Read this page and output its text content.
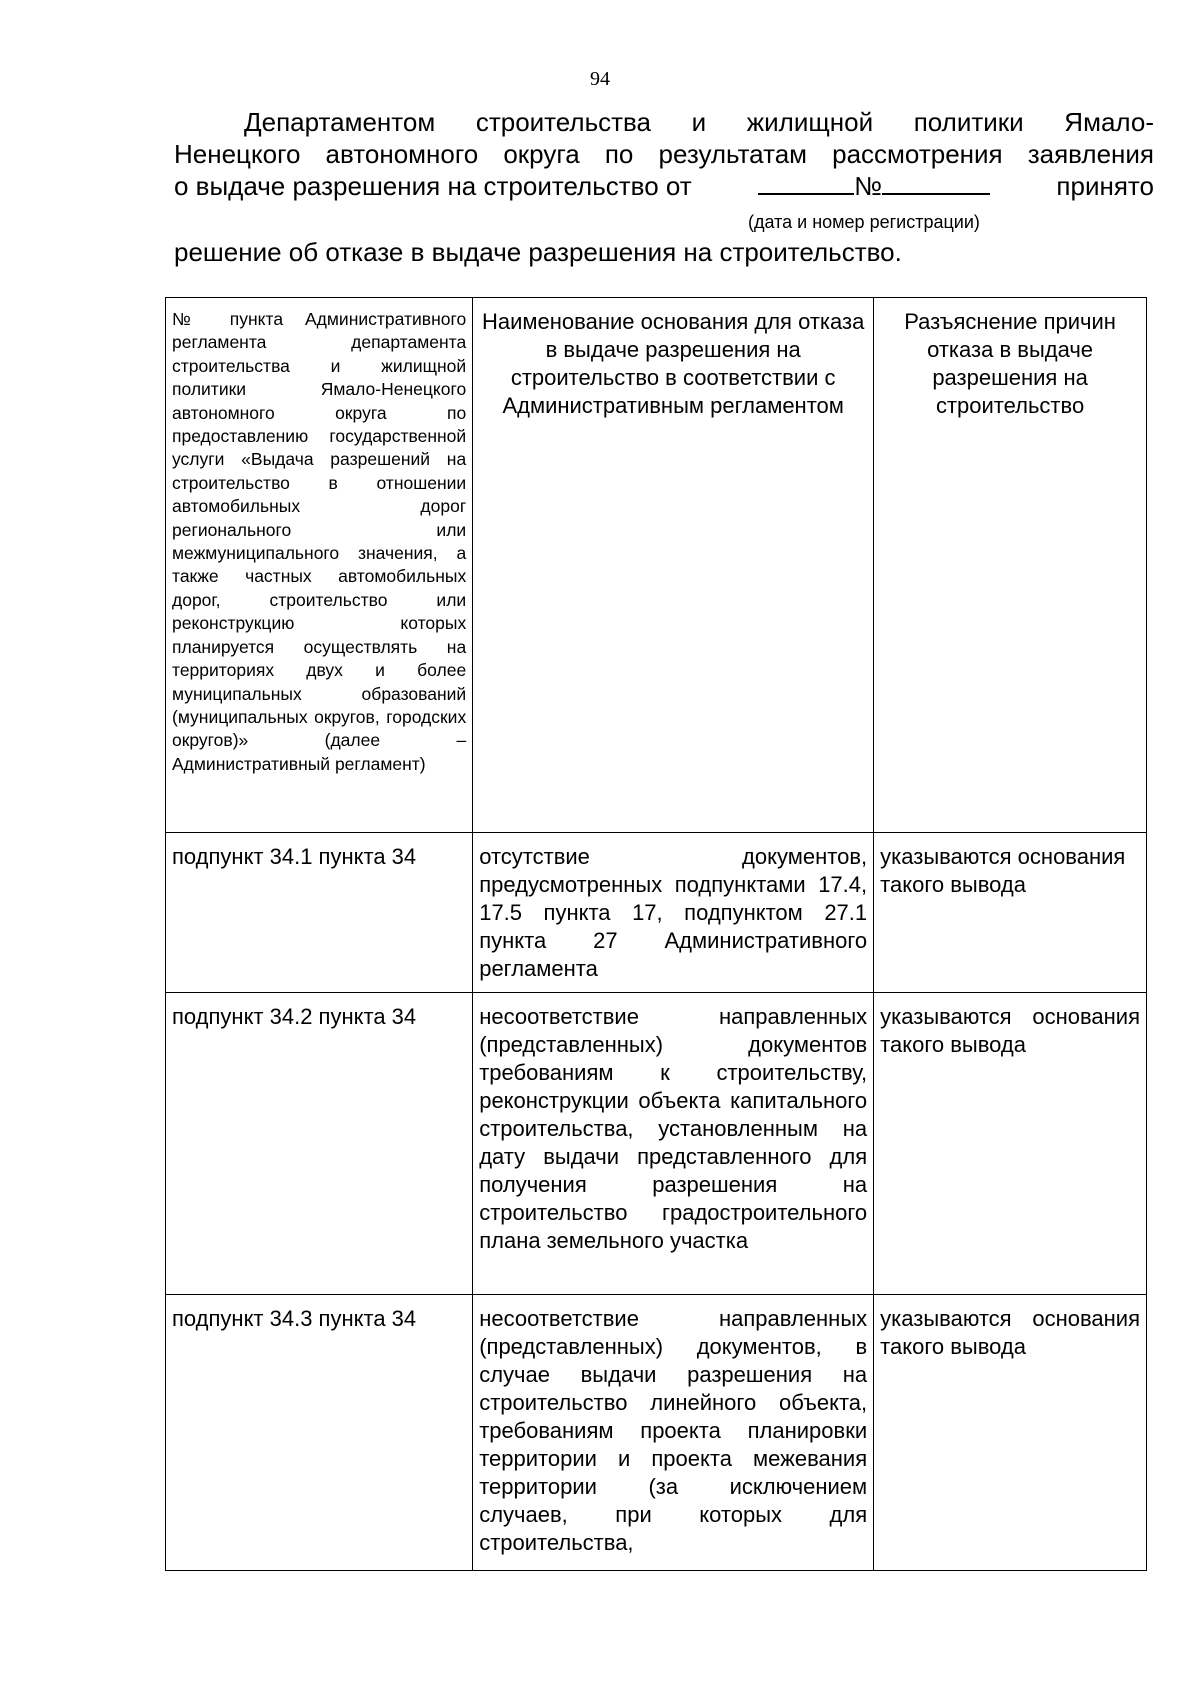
94
Департаментом строительства и жилищной политики Ямало-
Ненецкого автономного округа по результатам рассмотрения заявления
о выдаче разрешения на строительство от	№	принято
(дата и номер регистрации)
решение об отказе в выдаче разрешения на строительство.
№ пункта Административного регламента департамента строительства и жилищной политики Ямало-Ненецкого автономного округа по предоставлению государственной услуги «Выдача разрешений на строительство в отношении автомобильных дорог регионального или межмуниципального значения, а также частных автомобильных дорог, строительство или реконструкцию которых планируется осуществлять на территориях двух и более муниципальных образований (муниципальных округов, городских округов)» (далее – Административный регламент)	Наименование основания для отказа в выдаче разрешения на строительство в соответствии с Административным регламентом	Разъяснение причин отказа в выдаче разрешения на строительство
подпункт 34.1 пункта 34	отсутствие документов, предусмотренных подпунктами 17.4, 17.5 пункта 17, подпунктом 27.1 пункта 27 Административного регламента	указываются основания такого вывода
подпункт 34.2 пункта 34	несоответствие направленных (представленных) документов требованиям к строительству, реконструкции объекта капитального строительства, установленным на дату выдачи представленного для получения разрешения на строительство градостроительного плана земельного участка	указываются основания такого вывода
подпункт 34.3 пункта 34	несоответствие направленных (представленных) документов, в случае выдачи разрешения на строительство линейного объекта, требованиям проекта планировки территории и проекта межевания территории (за исключением случаев, при которых для строительства,	указываются основания такого вывода
